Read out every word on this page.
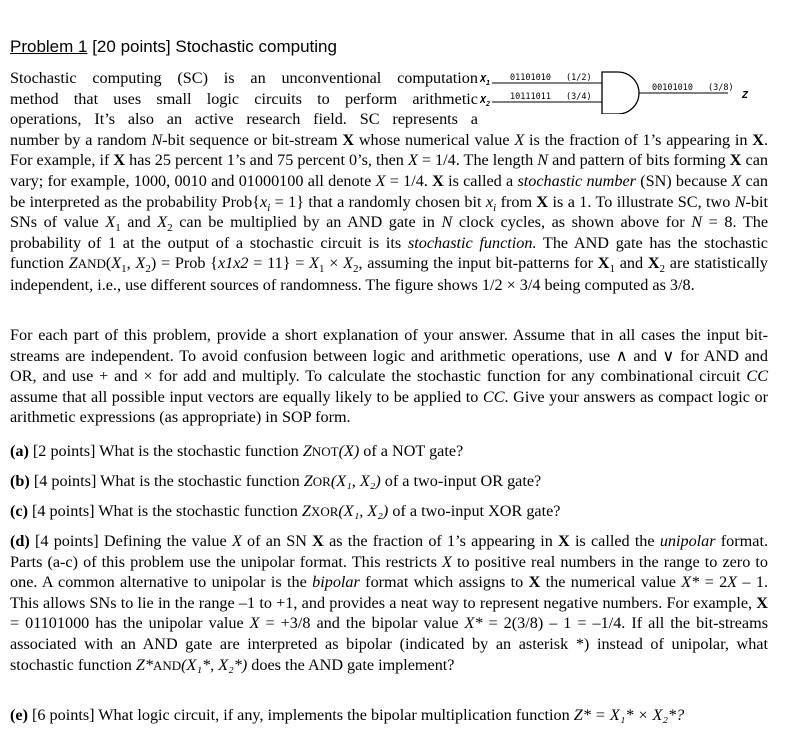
Problem 1 [20 points] Stochastic computing
$X_1$
$X_2$
01101010 (1/2)
10111011 (3/4)
00101010 (3/8)
Z
Stochastic computing (SC) is an unconventional computation
method that uses small logic circuits to perform arithmetic
operations, It’s also an active research field. SC represents a
number by a random N-bit sequence or bit-stream X whose numerical value X is the fraction of 1’s appearing in X. For example, if X has 25 percent 1’s and 75 percent 0’s, then X = 1/4. The length N and pattern of bits forming X can vary; for example, 1000, 0010 and 01000100 all denote X = 1/4. X is called a stochastic number (SN) because X can be interpreted as the probability $Prob\{x_i = 1\}$ that a randomly chosen bit $x_i$ from X is a 1. To illustrate SC, two N-bit SNs of value $X_1$ and $X_2$ can be multiplied by an AND gate in N clock cycles, as shown above for N = 8. The probability of 1 at the output of a stochastic circuit is its stochastic function. The AND gate has the stochastic function $ZAND(X_1$, $X_2$) = Prob $\{x1x2 = 11\} = X_1 \times X_2$, assuming the input bit-patterns for $X_1$ and $X_2$ are statistically independent, i.e., use different sources of randomness. The figure shows 1/2 × 3/4 being computed as 3/8.
For each part of this problem, provide a short explanation of your answer. Assume that in all cases the input bit-streams are independent. To avoid confusion between logic and arithmetic operations, use ∧ and ∨ for AND and OR, and use + and × for add and multiply. To calculate the stochastic function for any combinational circuit CC assume that all possible input vectors are equally likely to be applied to CC. Give your answers as compact logic or arithmetic expressions (as appropriate) in SOP form.
(a) [2 points] What is the stochastic function ZNOT(X) of a NOT gate?
(b) [4 points] What is the stochastic function ZOR(X₁, X₂) of a two-input OR gate?
(c) [4 points] What is the stochastic function ZXOR(X₁, X₂) of a two-input XOR gate?
(d) [4 points] Defining the value X of an SN X as the fraction of 1’s appearing in X is called the unipolar format. Parts (a-c) of this problem use the unipolar format. This restricts X to positive real numbers in the range to zero to one. A common alternative to unipolar is the bipolar format which assigns to X the numerical value X* = 2X – 1. This allows SNs to lie in the range –1 to +1, and provides a neat way to represent negative numbers. For example, X = 01101000 has the unipolar value X = +3/8 and the bipolar value X* = 2(3/8) – 1 = –1/4. If all the bit-streams associated with an AND gate are interpreted as bipolar (indicated by an asterisk *) instead of unipolar, what stochastic function Z*AND(X₁*, X₂*) does the AND gate implement?
(e) [6 points] What logic circuit, if any, implements the bipolar multiplication function Z* = X₁* × X₂*?
